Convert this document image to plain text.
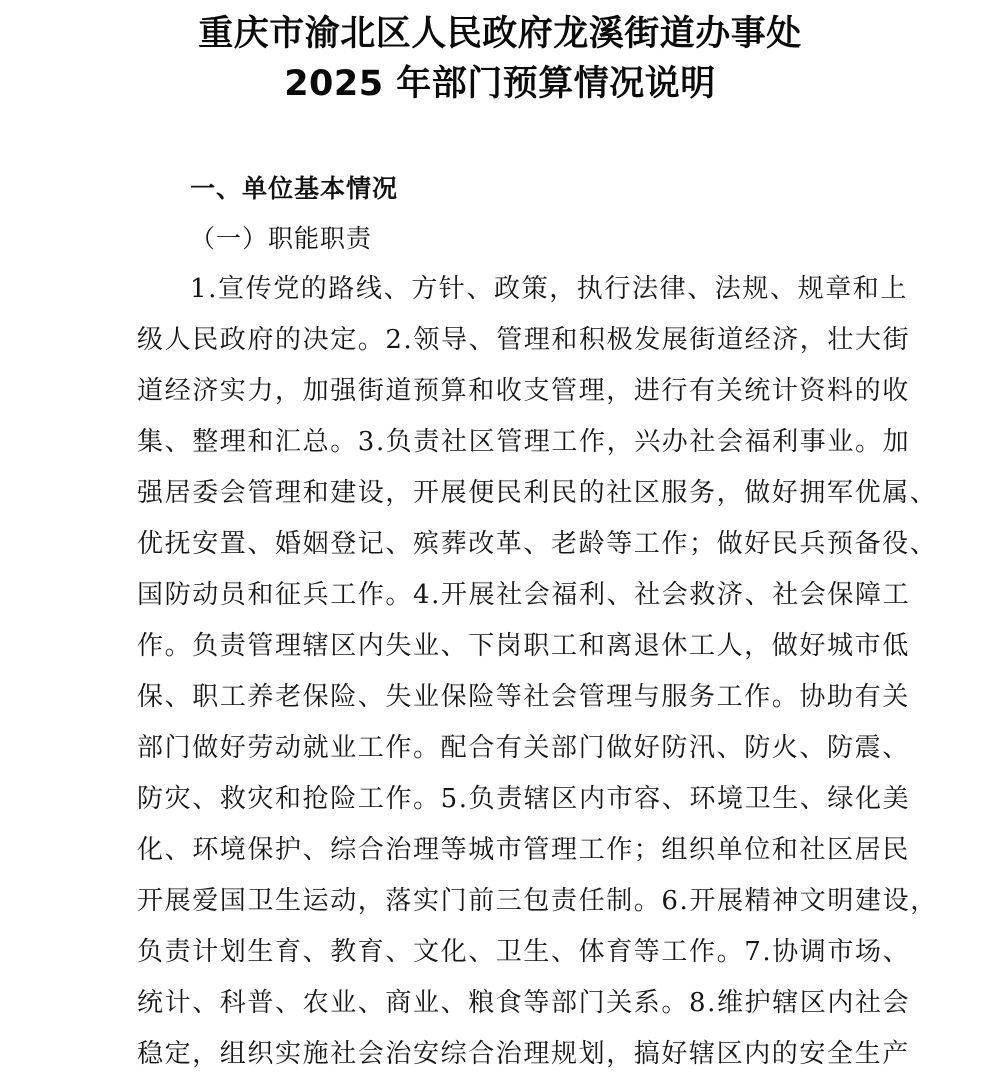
重庆市渝北区人民政府龙溪街道办事处
2025 年部门预算情况说明
一、单位基本情况
（一）职能职责
1.宣传党的路线、方针、政策，执行法律、法规、规章和上
级人民政府的决定。2.领导、管理和积极发展街道经济，壮大街
道经济实力，加强街道预算和收支管理，进行有关统计资料的收
集、整理和汇总。3.负责社区管理工作，兴办社会福利事业。加
强居委会管理和建设，开展便民利民的社区服务，做好拥军优属、
优抚安置、婚姻登记、殡葬改革、老龄等工作；做好民兵预备役、
国防动员和征兵工作。4.开展社会福利、社会救济、社会保障工
作。负责管理辖区内失业、下岗职工和离退休工人，做好城市低
保、职工养老保险、失业保险等社会管理与服务工作。协助有关
部门做好劳动就业工作。配合有关部门做好防汛、防火、防震、
防灾、救灾和抢险工作。5.负责辖区内市容、环境卫生、绿化美
化、环境保护、综合治理等城市管理工作；组织单位和社区居民
开展爱国卫生运动，落实门前三包责任制。6.开展精神文明建设，
负责计划生育、教育、文化、卫生、体育等工作。7.协调市场、
统计、科普、农业、商业、粮食等部门关系。8.维护辖区内社会
稳定，组织实施社会治安综合治理规划，搞好辖区内的安全生产
